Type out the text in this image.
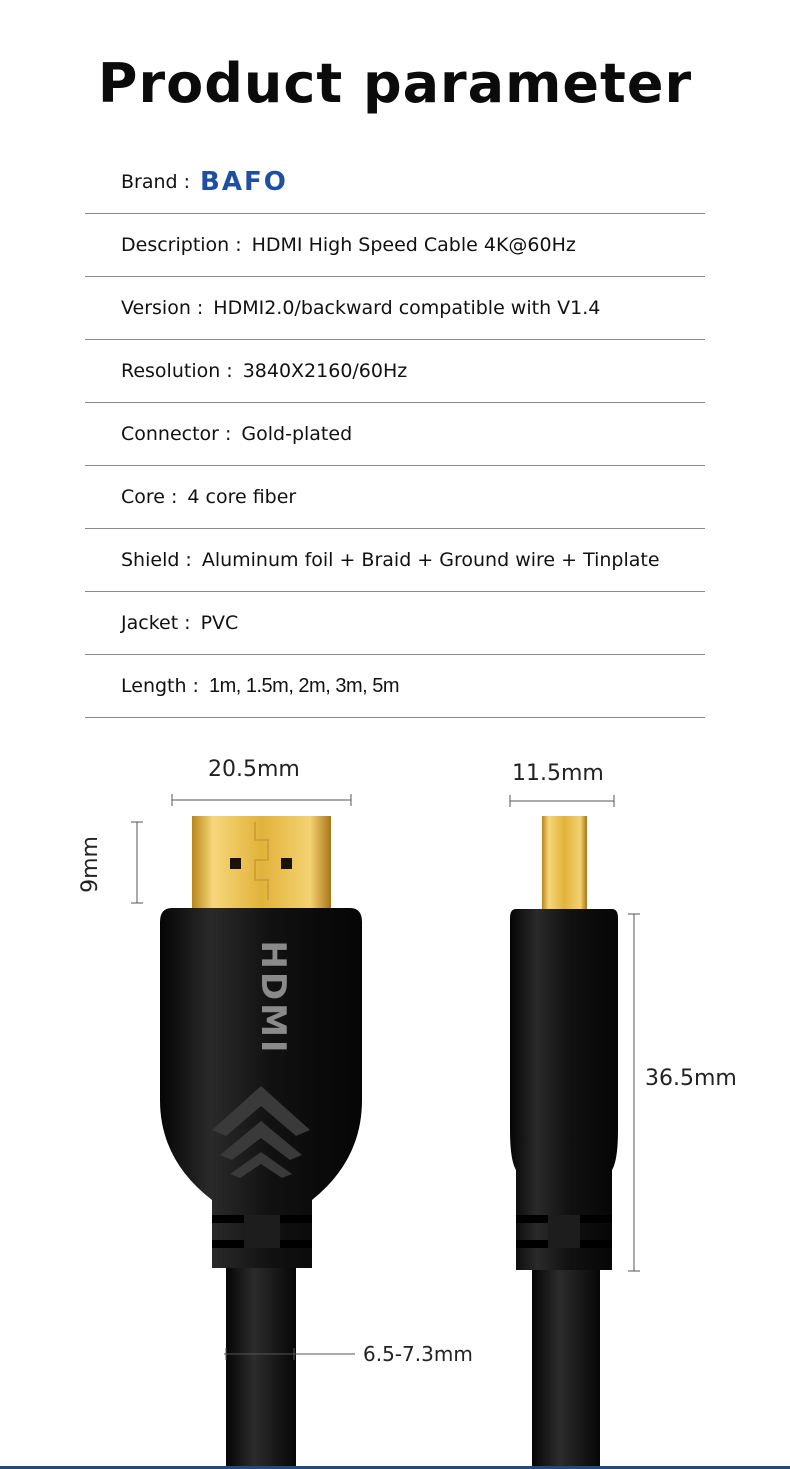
Product parameter
Brand : BAFO
Description : HDMI High Speed Cable 4K@60Hz
Version : HDMI2.0/backward compatible with V1.4
Resolution : 3840X2160/60Hz
Connector : Gold-plated
Core : 4 core fiber
Shield : Aluminum foil + Braid + Ground wire + Tinplate
Jacket : PVC
Length : 1m, 1.5m, 2m, 3m, 5m
HDMI
20.5mm	11.5mm
9mm
36.5mm
6.5-7.3mm
